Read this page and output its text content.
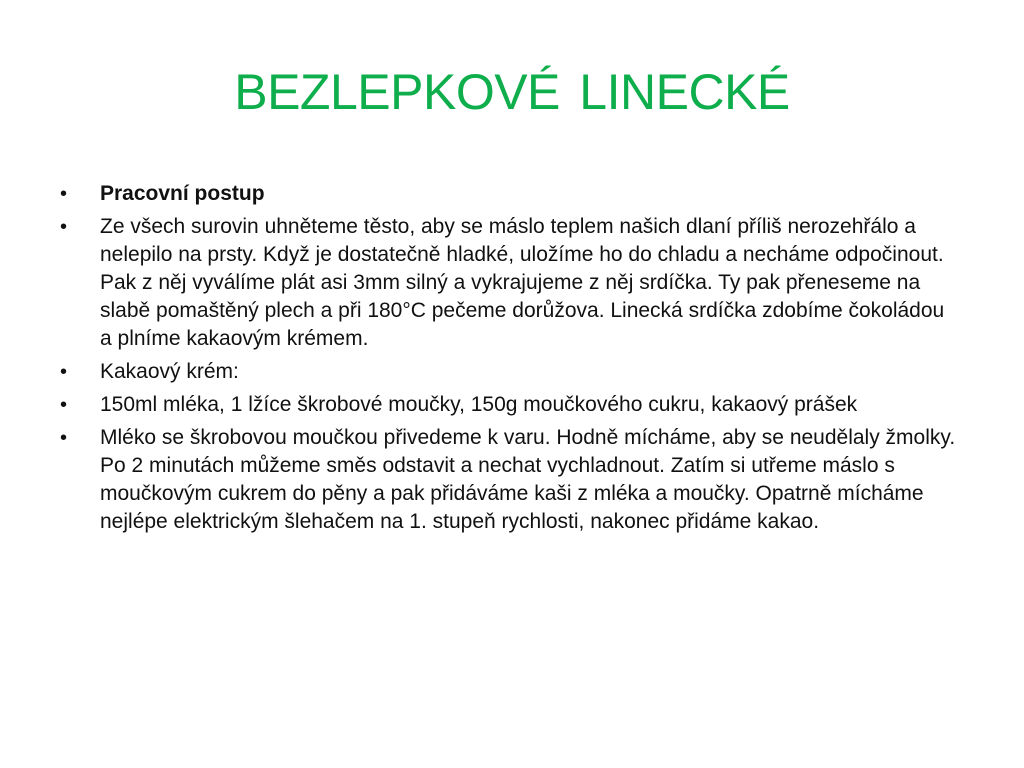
BEZLEPKOVÉ LINECKÉ
•	Pracovní postup
•	Ze všech surovin uhněteme těsto, aby se máslo teplem našich dlaní příliš nerozehřálo a nelepilo na prsty. Když je dostatečně hladké, uložíme ho do chladu a necháme odpočinout. Pak z něj vyválíme plát asi 3mm silný a vykrajujeme z něj srdíčka. Ty pak přeneseme na slabě pomaštěný plech a při 180°C pečeme dorůžova. Linecká srdíčka zdobíme čokoládou a plníme kakaovým krémem.
•	Kakaový krém:
•	150ml mléka, 1 lžíce škrobové moučky, 150g moučkového cukru, kakaový prášek
•	Mléko se škrobovou moučkou přivedeme k varu. Hodně mícháme, aby se neudělaly žmolky. Po 2 minutách můžeme směs odstavit a nechat vychladnout. Zatím si utřeme máslo s moučkovým cukrem do pěny a pak přidáváme kaši z mléka a moučky. Opatrně mícháme nejlépe elektrickým šlehačem na 1. stupeň rychlosti, nakonec přidáme kakao.
